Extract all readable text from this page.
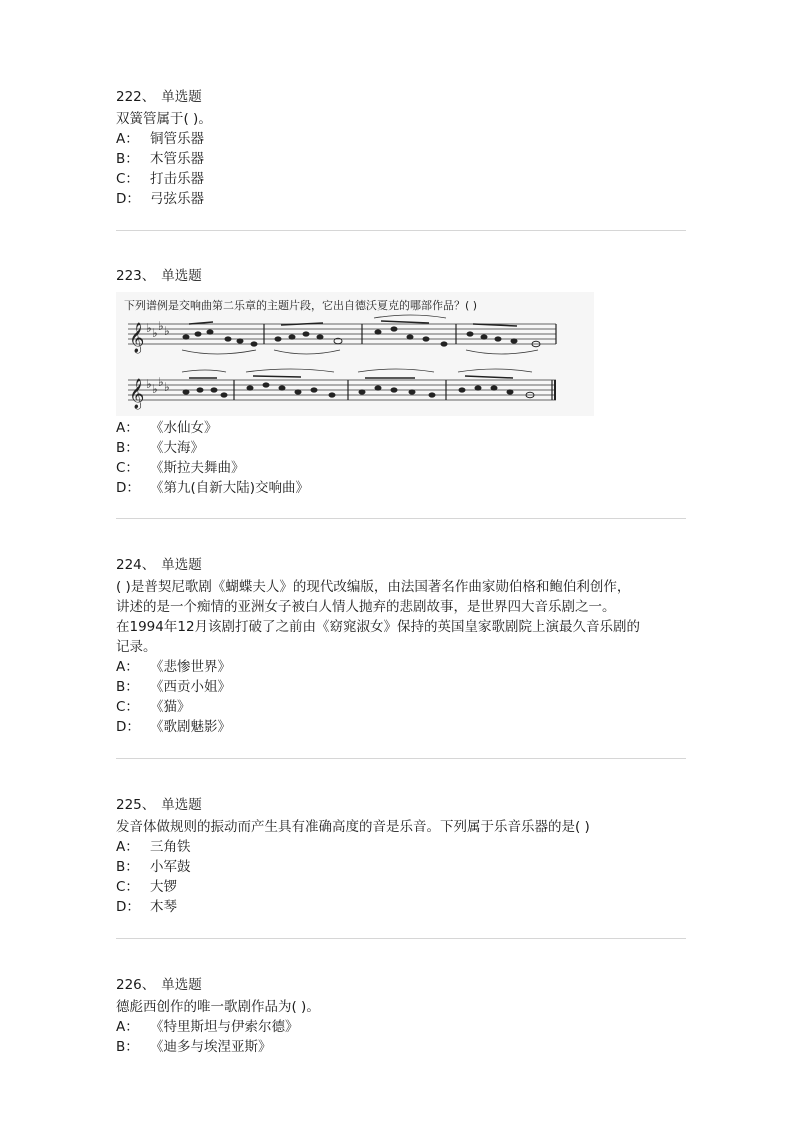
222、 单选题
双簧管属于( )。
A： 铜管乐器
B： 木管乐器
C： 打击乐器
D： 弓弦乐器
223、 单选题
下列谱例是交响曲第二乐章的主题片段，它出自德沃夏克的哪部作品？( )
𝄞
𝄞
♭ ♭ ♭ ♭
♭ ♭ ♭ ♭
A： 《水仙女》
B： 《大海》
C： 《斯拉夫舞曲》
D： 《第九(自新大陆)交响曲》
224、 单选题
( )是普契尼歌剧《蝴蝶夫人》的现代改编版，由法国著名作曲家勋伯格和鲍伯利创作，
讲述的是一个痴情的亚洲女子被白人情人抛弃的悲剧故事，是世界四大音乐剧之一。
在1994年12月该剧打破了之前由《窈窕淑女》保持的英国皇家歌剧院上演最久音乐剧的
记录。
A： 《悲惨世界》
B： 《西贡小姐》
C： 《猫》
D： 《歌剧魅影》
225、 单选题
发音体做规则的振动而产生具有准确高度的音是乐音。下列属于乐音乐器的是( )
A： 三角铁
B： 小军鼓
C： 大锣
D： 木琴
226、 单选题
德彪西创作的唯一歌剧作品为( )。
A： 《特里斯坦与伊索尔德》
B： 《迪多与埃涅亚斯》
